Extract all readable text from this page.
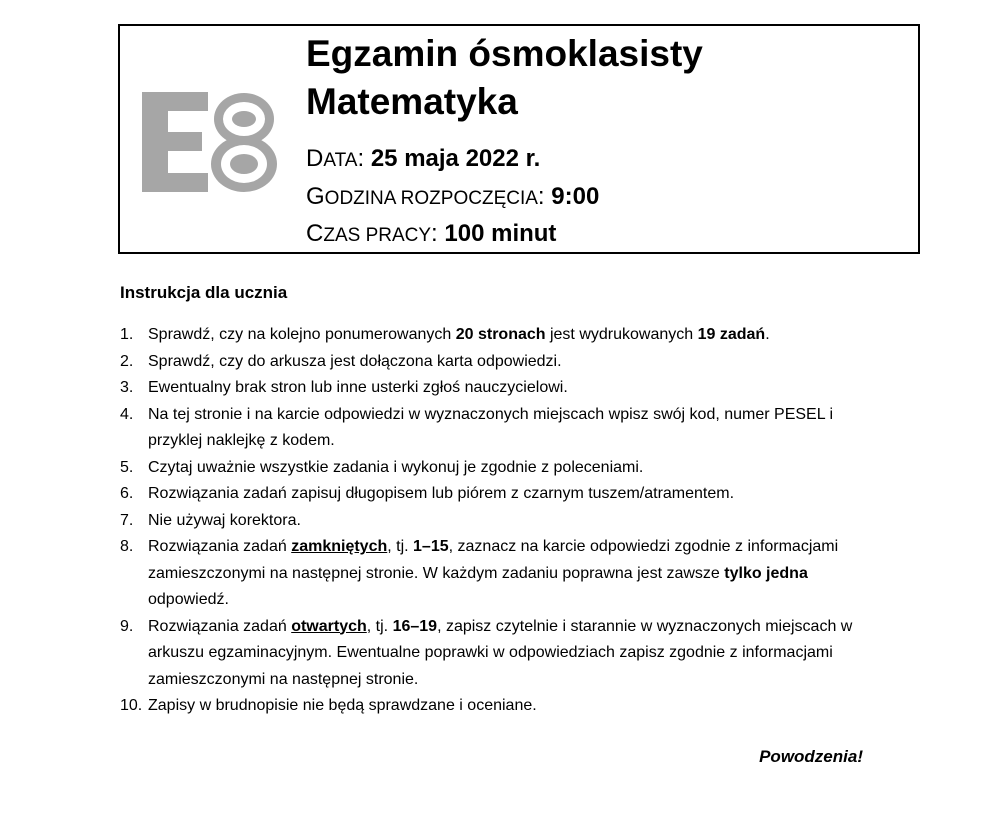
Egzamin ósmoklasisty
Matematyka
DATA: 25 maja 2022 r.
GODZINA ROZPOCZĘCIA: 9:00
CZAS PRACY: 100 minut
Instrukcja dla ucznia
1. Sprawdź, czy na kolejno ponumerowanych 20 stronach jest wydrukowanych 19 zadań.
2. Sprawdź, czy do arkusza jest dołączona karta odpowiedzi.
3. Ewentualny brak stron lub inne usterki zgłoś nauczycielowi.
4. Na tej stronie i na karcie odpowiedzi w wyznaczonych miejscach wpisz swój kod, numer PESEL i przyklej naklejkę z kodem.
5. Czytaj uważnie wszystkie zadania i wykonuj je zgodnie z poleceniami.
6. Rozwiązania zadań zapisuj długopisem lub piórem z czarnym tuszem/atramentem.
7. Nie używaj korektora.
8. Rozwiązania zadań zamkniętych, tj. 1–15, zaznacz na karcie odpowiedzi zgodnie z informacjami zamieszczonymi na następnej stronie. W każdym zadaniu poprawna jest zawsze tylko jedna odpowiedź.
9. Rozwiązania zadań otwartych, tj. 16–19, zapisz czytelnie i starannie w wyznaczonych miejscach w arkuszu egzaminacyjnym. Ewentualne poprawki w odpowiedziach zapisz zgodnie z informacjami zamieszczonymi na następnej stronie.
10. Zapisy w brudnopisie nie będą sprawdzane i oceniane.
Powodzenia!
